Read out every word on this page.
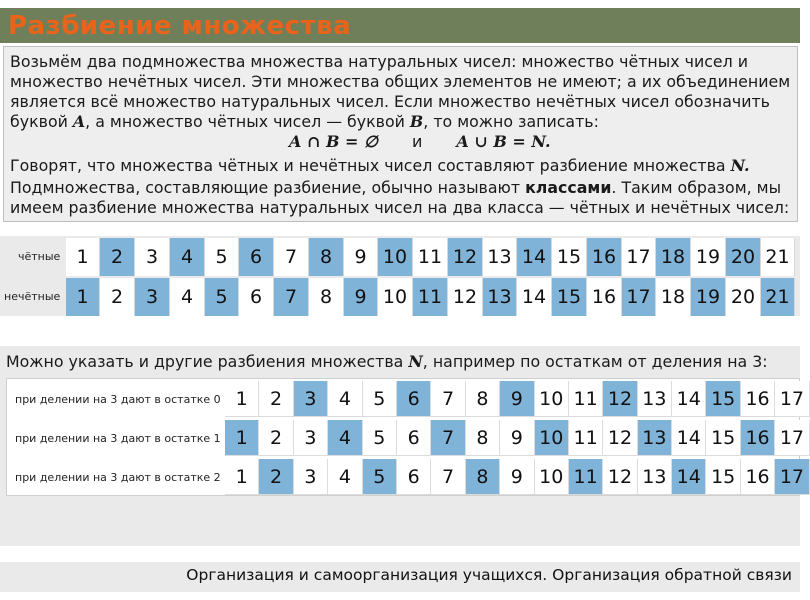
Разбиение множества
Возьмём два подмножества множества натуральных чисел: множество чётных чисел и
множество нечётных чисел. Эти множества общих элементов не имеют; а их объединением
является всё множество натуральных чисел. Если множество нечётных чисел обозначить
буквой A, а множество чётных чисел — буквой B, то можно записать:
A ∩ B = ∅ и A ∪ B = N.
Говорят, что множества чётных и нечётных чисел составляют разбиение множества N.
Подмножества, составляющие разбиение, обычно называют классами. Таким образом, мы
имеем разбиение множества натуральных чисел на два класса — чётных и нечётных чисел:
чётные 1	2	3	4	5	6	7	8	9 10 11 12 13 14 15 16 17 18 19 20 21
нечётные 1	2	3	4	5	6	7	8	9 10 11 12 13 14 15 16 17 18 19 20 21
Можно указать и другие разбиения множества N, например по остаткам от деления на 3:
при делении на 3 дают в остатке 0 1	2	3	4	5	6	7	8	9 10 11 12 13 14 15 16 17
при делении на 3 дают в остатке 1 1	2	3	4	5	6	7	8	9 10 11 12 13 14 15 16 17
при делении на 3 дают в остатке 2 1	2	3	4	5	6	7	8	9 10 11 12 13 14 15 16 17
Организация и самоорганизация учащихся. Организация обратной связи
